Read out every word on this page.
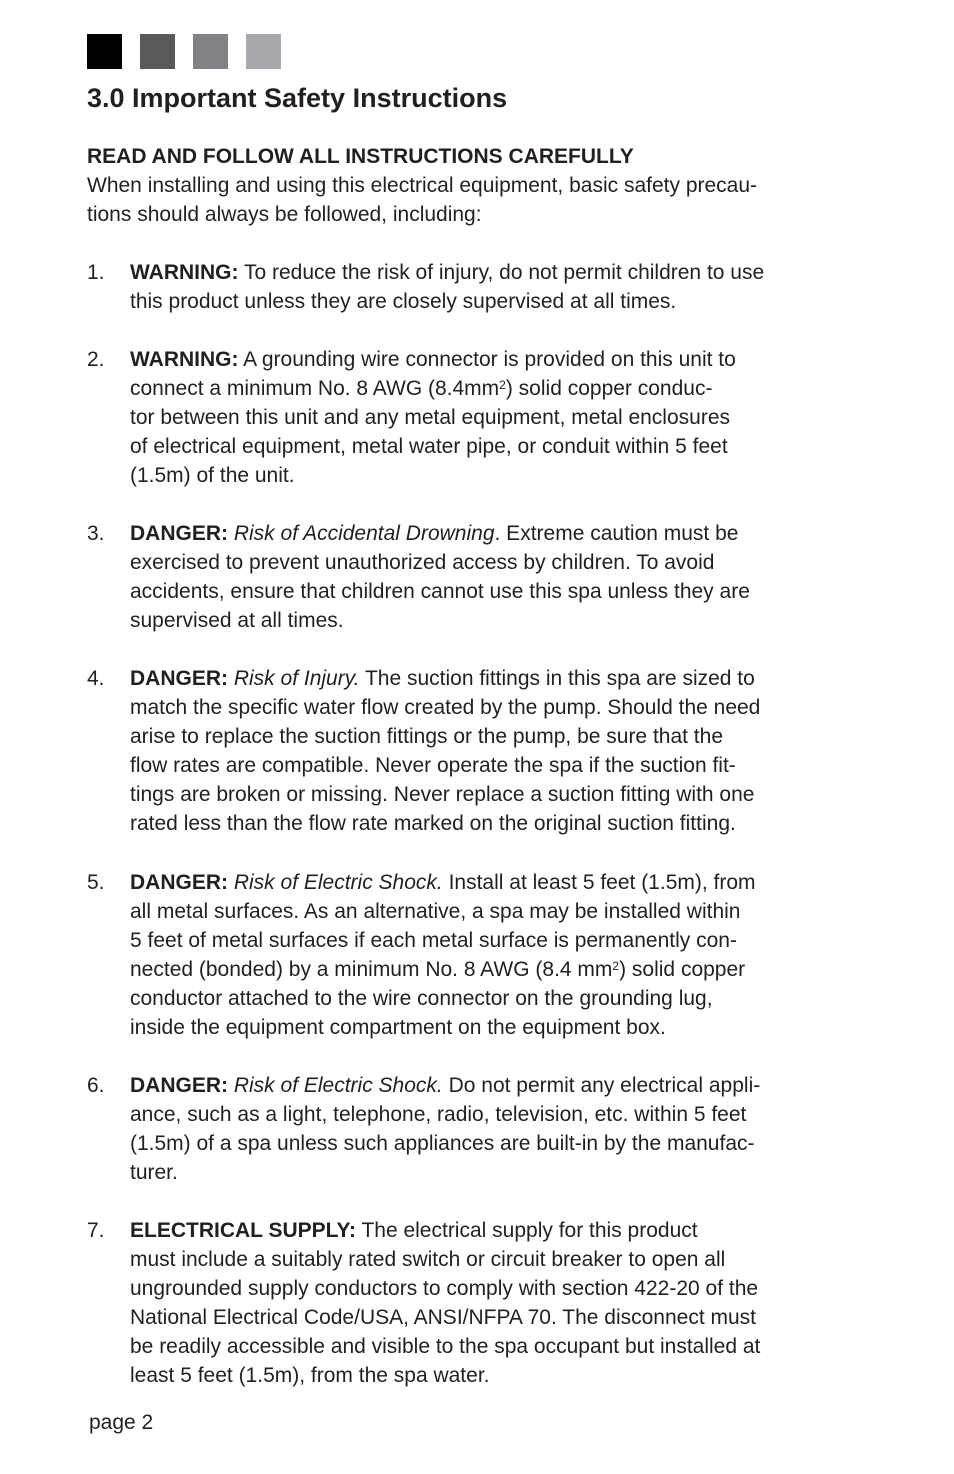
3.0 Important Safety Instructions
READ AND FOLLOW ALL INSTRUCTIONS CAREFULLY
When installing and using this electrical equipment, basic safety precau-
tions should always be followed, including:
1.	WARNING: To reduce the risk of injury, do not permit children to use
this product unless they are closely supervised at all times.
2.	WARNING: A grounding wire connector is provided on this unit to
connect a minimum No. 8 AWG $(8.4mm^2)$ solid copper conduc-
tor between this unit and any metal equipment, metal enclosures
of electrical equipment, metal water pipe, or conduit within 5 feet
(1.5m) of the unit.
3.	DANGER: Risk of Accidental Drowning. Extreme caution must be
exercised to prevent unauthorized access by children. To avoid
accidents, ensure that children cannot use this spa unless they are
supervised at all times.
4.	DANGER: Risk of Injury. The suction fittings in this spa are sized to
match the specific water flow created by the pump. Should the need
arise to replace the suction fittings or the pump, be sure that the
flow rates are compatible. Never operate the spa if the suction fit-
tings are broken or missing. Never replace a suction fitting with one
rated less than the flow rate marked on the original suction fitting.
5.	DANGER: Risk of Electric Shock. Install at least 5 feet (1.5m), from
all metal surfaces. As an alternative, a spa may be installed within
5 feet of metal surfaces if each metal surface is permanently con-
nected (bonded) by a minimum No. 8 AWG (8.4 $mm^2$) solid copper
conductor attached to the wire connector on the grounding lug,
inside the equipment compartment on the equipment box.
6.	DANGER: Risk of Electric Shock. Do not permit any electrical appli-
ance, such as a light, telephone, radio, television, etc. within 5 feet
(1.5m) of a spa unless such appliances are built-in by the manufac-
turer.
7.	ELECTRICAL SUPPLY: The electrical supply for this product
must include a suitably rated switch or circuit breaker to open all
ungrounded supply conductors to comply with section 422-20 of the
National Electrical Code/USA, ANSI/NFPA 70. The disconnect must
be readily accessible and visible to the spa occupant but installed at
least 5 feet (1.5m), from the spa water.
page 2
